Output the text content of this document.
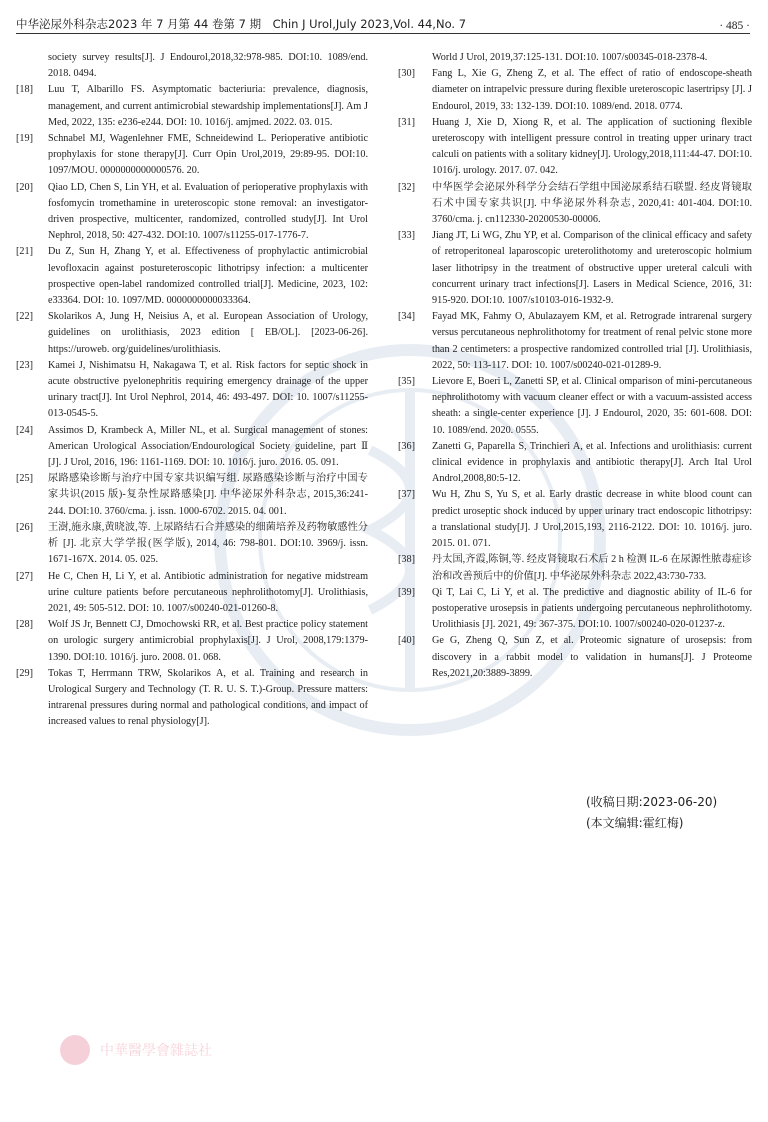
中华泌尿外科杂志2023 年 7 月第 44 卷第 7 期　Chin J Urol,July 2023,Vol. 44,No. 7	· 485 ·
society survey results[J]. J Endourol,2018,32:978-985. DOI:10. 1089/end. 2018. 0494.
[18]	Luu T, Albarillo FS. Asymptomatic bacteriuria: prevalence, diagnosis, management, and current antimicrobial stewardship implementations[J]. Am J Med, 2022, 135: e236-e244. DOI: 10. 1016/j. amjmed. 2022. 03. 015.
[19]	Schnabel MJ, Wagenlehner FME, Schneidewind L. Perioperative antibiotic prophylaxis for stone therapy[J]. Curr Opin Urol,2019, 29:89-95. DOI:10. 1097/MOU. 0000000000000576. 20.
[20]	Qiao LD, Chen S, Lin YH, et al. Evaluation of perioperative prophylaxis with fosfomycin tromethamine in ureteroscopic stone removal: an investigator-driven prospective, multicenter, randomized, controlled study[J]. Int Urol Nephrol, 2018, 50: 427-432. DOI:10. 1007/s11255-017-1776-7.
[21]	Du Z, Sun H, Zhang Y, et al. Effectiveness of prophylactic antimicrobial levofloxacin against postureteroscopic lithotripsy infection: a multicenter prospective open-label randomized controlled trial[J]. Medicine, 2023, 102: e33364. DOI: 10. 1097/MD. 0000000000033364.
[22]	Skolarikos A, Jung H, Neisius A, et al. European Association of Urology, guidelines on urolithiasis, 2023 edition [ EB/OL]. [2023-06-26]. https://uroweb. org/guidelines/urolithiasis.
[23]	Kamei J, Nishimatsu H, Nakagawa T, et al. Risk factors for septic shock in acute obstructive pyelonephritis requiring emergency drainage of the upper urinary tract[J]. Int Urol Nephrol, 2014, 46: 493-497. DOI: 10. 1007/s11255-013-0545-5.
[24]	Assimos D, Krambeck A, Miller NL, et al. Surgical management of stones: American Urological Association/Endourological Society guideline, part Ⅱ [J]. J Urol, 2016, 196: 1161-1169. DOI: 10. 1016/j. juro. 2016. 05. 091.
[25]	尿路感染诊断与治疗中国专家共识编写组. 尿路感染诊断与治疗中国专家共识(2015 版)-复杂性尿路感染[J]. 中华泌尿外科杂志, 2015,36:241-244. DOI:10. 3760/cma. j. issn. 1000-6702. 2015. 04. 001.
[26]	王澍,施永康,黄晓波,等. 上尿路结石合并感染的细菌培养及药物敏感性分析 [J]. 北京大学学报(医学版), 2014, 46: 798-801. DOI:10. 3969/j. issn. 1671-167X. 2014. 05. 025.
[27]	He C, Chen H, Li Y, et al. Antibiotic administration for negative midstream urine culture patients before percutaneous nephrolithotomy[J]. Urolithiasis, 2021, 49: 505-512. DOI: 10. 1007/s00240-021-01260-8.
[28]	Wolf JS Jr, Bennett CJ, Dmochowski RR, et al. Best practice policy statement on urologic surgery antimicrobial prophylaxis[J]. J Urol, 2008,179:1379-1390. DOI:10. 1016/j. juro. 2008. 01. 068.
[29]	Tokas T, Herrmann TRW, Skolarikos A, et al. Training and research in Urological Surgery and Technology (T. R. U. S. T.)-Group. Pressure matters: intrarenal pressures during normal and pathological conditions, and impact of increased values to renal physiology[J].
World J Urol, 2019,37:125-131. DOI:10. 1007/s00345-018-2378-4.
[30]	Fang L, Xie G, Zheng Z, et al. The effect of ratio of endoscope-sheath diameter on intrapelvic pressure during flexible ureteroscopic lasertripsy [J]. J Endourol, 2019, 33: 132-139. DOI:10. 1089/end. 2018. 0774.
[31]	Huang J, Xie D, Xiong R, et al. The application of suctioning flexible ureteroscopy with intelligent pressure control in treating upper urinary tract calculi on patients with a solitary kidney[J]. Urology,2018,111:44-47. DOI:10. 1016/j. urology. 2017. 07. 042.
[32]	中华医学会泌尿外科学分会结石学组中国泌尿系结石联盟. 经皮肾镜取石术中国专家共识[J]. 中华泌尿外科杂志, 2020,41: 401-404. DOI:10. 3760/cma. j. cn112330-20200530-00006.
[33]	Jiang JT, Li WG, Zhu YP, et al. Comparison of the clinical efficacy and safety of retroperitoneal laparoscopic ureterolithotomy and ureteroscopic holmium laser lithotripsy in the treatment of obstructive upper ureteral calculi with concurrent urinary tract infections[J]. Lasers in Medical Science, 2016, 31: 915-920. DOI:10. 1007/s10103-016-1932-9.
[34]	Fayad MK, Fahmy O, Abulazayem KM, et al. Retrograde intrarenal surgery versus percutaneous nephrolithotomy for treatment of renal pelvic stone more than 2 centimeters: a prospective randomized controlled trial [J]. Urolithiasis, 2022, 50: 113-117. DOI: 10. 1007/s00240-021-01289-9.
[35]	Lievore E, Boeri L, Zanetti SP, et al. Clinical omparison of mini-percutaneous nephrolithotomy with vacuum cleaner effect or with a vacuum-assisted access sheath: a single-center experience [J]. J Endourol, 2020, 35: 601-608. DOI: 10. 1089/end. 2020. 0555.
[36]	Zanetti G, Paparella S, Trinchieri A, et al. Infections and urolithiasis: current clinical evidence in prophylaxis and antibiotic therapy[J]. Arch Ital Urol Androl,2008,80:5-12.
[37]	Wu H, Zhu S, Yu S, et al. Early drastic decrease in white blood count can predict uroseptic shock induced by upper urinary tract endoscopic lithotripsy: a translational study[J]. J Urol,2015,193, 2116-2122. DOI: 10. 1016/j. juro. 2015. 01. 071.
[38]	丹太国,齐霞,陈铜,等. 经皮肾镜取石术后 2 h 检测 IL-6 在尿源性脓毒症诊治和改善预后中的价值[J]. 中华泌尿外科杂志 2022,43:730-733.
[39]	Qi T, Lai C, Li Y, et al. The predictive and diagnostic ability of IL-6 for postoperative urosepsis in patients undergoing percutaneous nephrolithotomy. Urolithiasis [J]. 2021, 49: 367-375. DOI:10. 1007/s00240-020-01237-z.
[40]	Ge G, Zheng Q, Sun Z, et al. Proteomic signature of urosepsis: from discovery in a rabbit model to validation in humans[J]. J Proteome Res,2021,20:3889-3899.
(收稿日期:2023-06-20)
(本文编辑:霍红梅)
中華醫學會雜誌社
